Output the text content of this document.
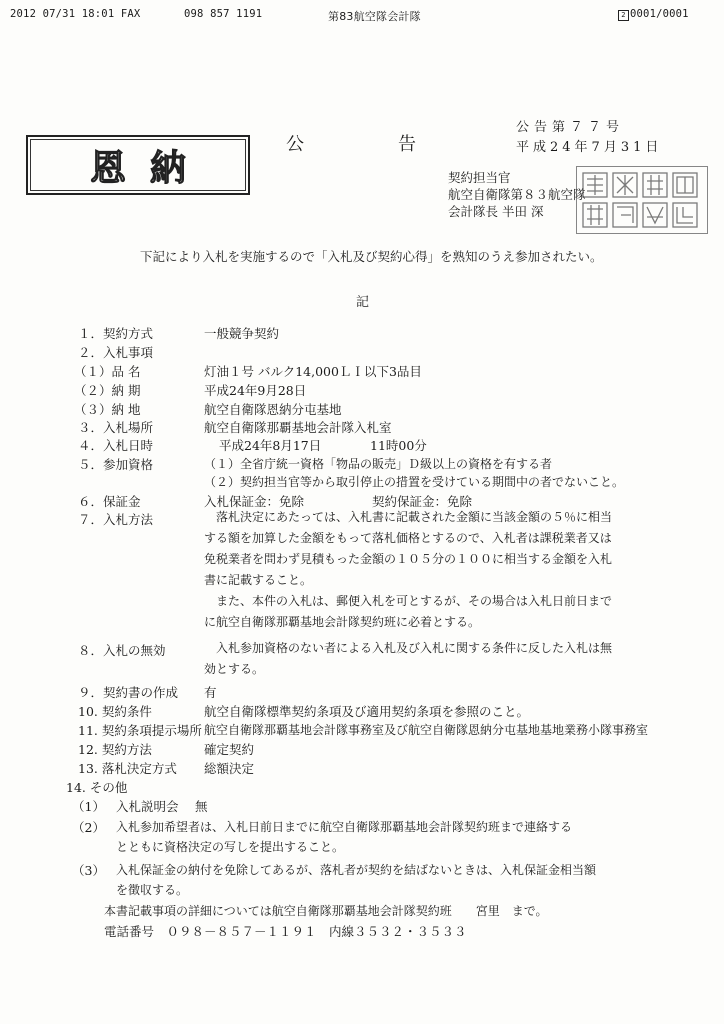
2012 07/31 18:01 FAX	098 857 1191	第83航空隊会計隊	2 0001/0001
恩納
公	告
公告第７７号
平成24年7月31日
契約担当官
航空自衛隊第８３航空隊
会計隊長 半田 深
下記により入札を実施するので「入札及び契約心得」を熟知のうえ参加されたい。
記
１．契約方式	一般競争契約
２．入札事項
（１）品 名	灯油１号 バルク14,000ＬＩ以下3品目
（２）納 期	平成24年9月28日
（３）納 地	航空自衛隊恩納分屯基地
３．入札場所	航空自衛隊那覇基地会計隊入札室
４．入札日時	平成24年8月17日	11時00分
５．参加資格	（１）全省庁統一資格「物品の販売」Ｄ級以上の資格を有する者
（２）契約担当官等から取引停止の措置を受けている期間中の者でないこと。
６．保証金	入札保証金：免除	契約保証金：免除
７．入札方法	落札決定にあたっては、入札書に記載された金額に当該金額の５％に相当
する額を加算した金額をもって落札価格とするので、入札者は課税業者又は
免税業者を問わず見積もった金額の１０５分の１００に相当する金額を入札
書に記載すること。
また、本件の入札は、郵便入札を可とするが、その場合は入札日前日まで
に航空自衛隊那覇基地会計隊契約班に必着とする。
８．入札の無効	入札参加資格のない者による入札及び入札に関する条件に反した入札は無
効とする。
９．契約書の作成 有
10. 契約条件	航空自衛隊標準契約条項及び適用契約条項を参照のこと。
11. 契約条項提示場所 航空自衛隊那覇基地会計隊事務室及び航空自衛隊恩納分屯基地基地業務小隊事務室
12. 契約方法	確定契約
13. 落札決定方式 総額決定
14. その他
（1） 入札説明会　 無
（2） 入札参加希望者は、入札日前日までに航空自衛隊那覇基地会計隊契約班まで連絡する
とともに資格決定の写しを提出すること。
（3） 入札保証金の納付を免除してあるが、落札者が契約を結ばないときは、入札保証金相当額
を徴収する。
本書記載事項の詳細については航空自衛隊那覇基地会計隊契約班　　宮里　まで。
電話番号　０９８－８５７－１１９１　内線３５３２・３５３３
